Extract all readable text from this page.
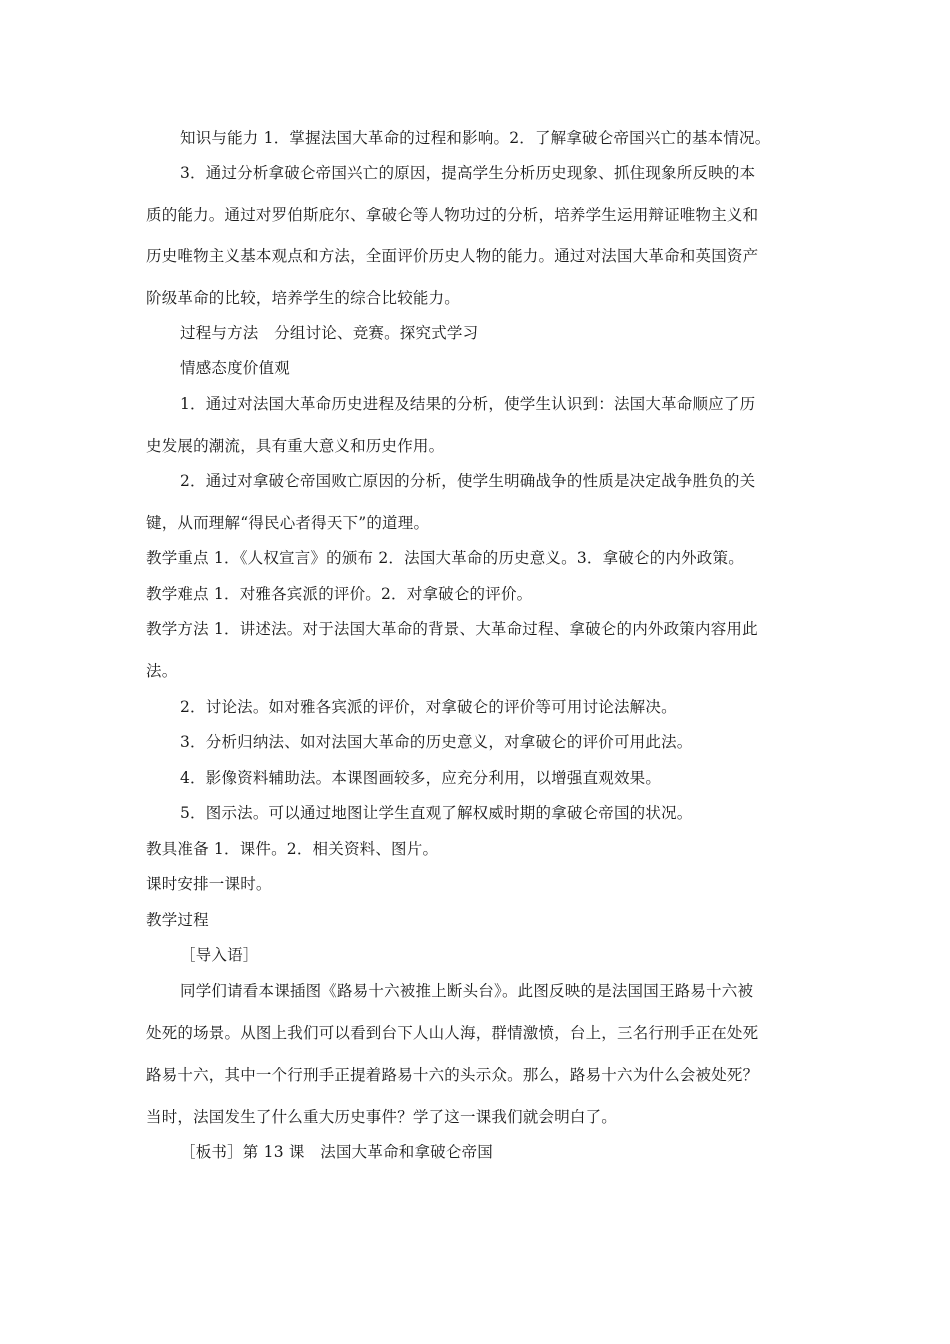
知识与能力 1．掌握法国大革命的过程和影响。2．了解拿破仑帝国兴亡的基本情况。
3．通过分析拿破仑帝国兴亡的原因，提高学生分析历史现象、抓住现象所反映的本
质的能力。通过对罗伯斯庇尔、拿破仑等人物功过的分析，培养学生运用辩证唯物主义和
历史唯物主义基本观点和方法，全面评价历史人物的能力。通过对法国大革命和英国资产
阶级革命的比较，培养学生的综合比较能力。
过程与方法　分组讨论、竞赛。探究式学习
情感态度价值观
1．通过对法国大革命历史进程及结果的分析，使学生认识到：法国大革命顺应了历
史发展的潮流，具有重大意义和历史作用。
2．通过对拿破仑帝国败亡原因的分析，使学生明确战争的性质是决定战争胜负的关
键，从而理解“得民心者得天下”的道理。
教学重点 1．《人权宣言》的颁布 2．法国大革命的历史意义。3．拿破仑的内外政策。
教学难点 1．对雅各宾派的评价。2．对拿破仑的评价。
教学方法 1．讲述法。对于法国大革命的背景、大革命过程、拿破仑的内外政策内容用此
法。
2．讨论法。如对雅各宾派的评价，对拿破仑的评价等可用讨论法解决。
3．分析归纳法、如对法国大革命的历史意义，对拿破仑的评价可用此法。
4．影像资料辅助法。本课图画较多，应充分利用，以增强直观效果。
5．图示法。可以通过地图让学生直观了解权威时期的拿破仑帝国的状况。
教具准备 1．课件。2．相关资料、图片。
课时安排一课时。
教学过程
［导入语］
同学们请看本课插图《路易十六被推上断头台》。此图反映的是法国国王路易十六被
处死的场景。从图上我们可以看到台下人山人海，群情激愤，台上，三名行刑手正在处死
路易十六，其中一个行刑手正提着路易十六的头示众。那么，路易十六为什么会被处死？
当时，法国发生了什么重大历史事件？学了这一课我们就会明白了。
［板书］第 13 课　法国大革命和拿破仑帝国
